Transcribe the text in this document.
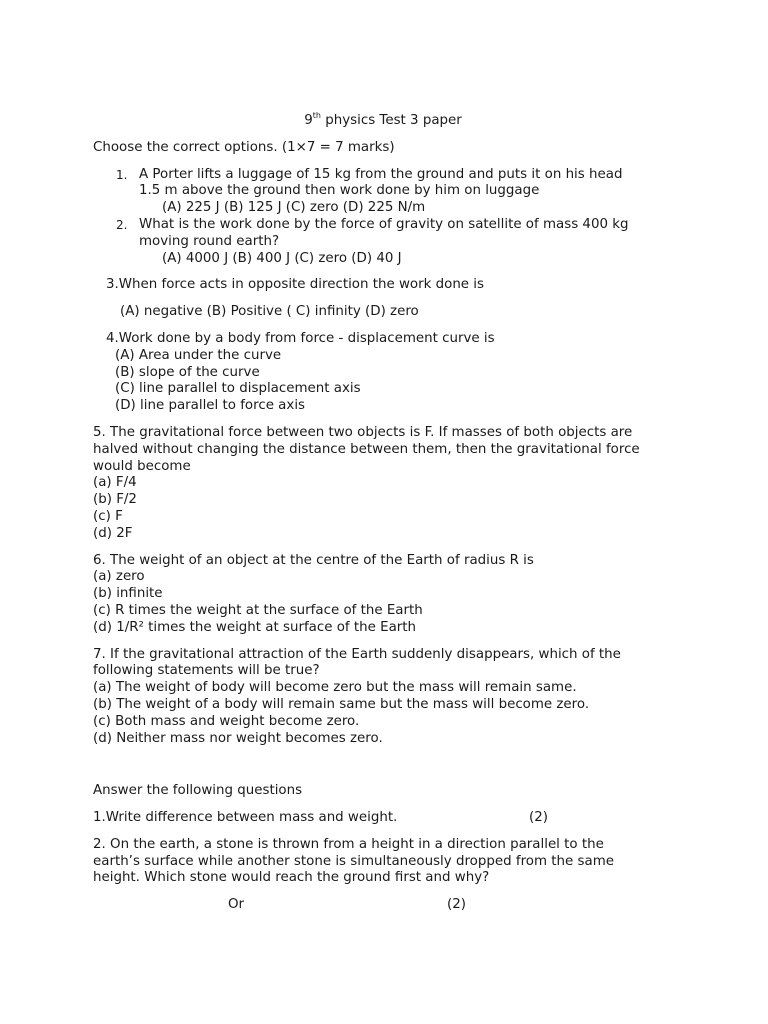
9th physics Test 3 paper
Choose the correct options. (1×7 = 7 marks)
1. A Porter lifts a luggage of 15 kg from the ground and puts it on his head
1.5 m above the ground then work done by him on luggage
(A) 225 J (B) 125 J (C) zero (D) 225 N/m
2. What is the work done by the force of gravity on satellite of mass 400 kg
moving round earth?
(A) 4000 J (B) 400 J (C) zero (D) 40 J
3.When force acts in opposite direction the work done is
(A) negative (B) Positive ( C) infinity (D) zero
4.Work done by a body from force - displacement curve is
(A) Area under the curve
(B) slope of the curve
(C) line parallel to displacement axis
(D) line parallel to force axis
5. The gravitational force between two objects is F. If masses of both objects are
halved without changing the distance between them, then the gravitational force
would become
(a) F/4
(b) F/2
(c) F
(d) 2F
6. The weight of an object at the centre of the Earth of radius R is
(a) zero
(b) infinite
(c) R times the weight at the surface of the Earth
(d) 1/R² times the weight at surface of the Earth
7. If the gravitational attraction of the Earth suddenly disappears, which of the
following statements will be true?
(a) The weight of body will become zero but the mass will remain same.
(b) The weight of a body will remain same but the mass will become zero.
(c) Both mass and weight become zero.
(d) Neither mass nor weight becomes zero.
Answer the following questions
1.Write difference between mass and weight.	(2)
2. On the earth, a stone is thrown from a height in a direction parallel to the
earth’s surface while another stone is simultaneously dropped from the same
height. Which stone would reach the ground first and why?
Or	(2)
